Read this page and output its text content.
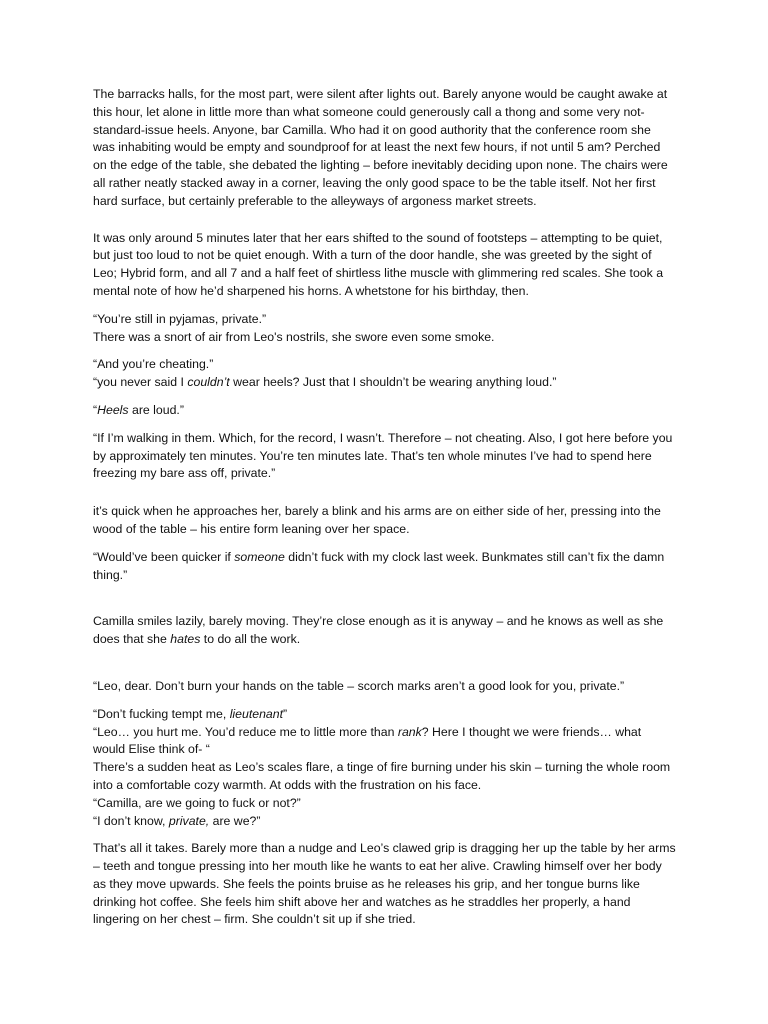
The barracks halls, for the most part, were silent after lights out. Barely anyone would be caught awake at this hour, let alone in little more than what someone could generously call a thong and some very not-standard-issue heels. Anyone, bar Camilla. Who had it on good authority that the conference room she was inhabiting would be empty and soundproof for at least the next few hours, if not until 5 am? Perched on the edge of the table, she debated the lighting – before inevitably deciding upon none. The chairs were all rather neatly stacked away in a corner, leaving the only good space to be the table itself. Not her first hard surface, but certainly preferable to the alleyways of argoness market streets.

It was only around 5 minutes later that her ears shifted to the sound of footsteps – attempting to be quiet, but just too loud to not be quiet enough. With a turn of the door handle, she was greeted by the sight of Leo; Hybrid form, and all 7 and a half feet of shirtless lithe muscle with glimmering red scales. She took a mental note of how he’d sharpened his horns. A whetstone for his birthday, then.

“You’re still in pyjamas, private.”
There was a snort of air from Leo's nostrils, she swore even some smoke.

“And you’re cheating.”
“you never said I couldn’t wear heels? Just that I shouldn’t be wearing anything loud.”

“Heels are loud.”

“If I’m walking in them. Which, for the record, I wasn’t. Therefore – not cheating. Also, I got here before you by approximately ten minutes. You’re ten minutes late. That’s ten whole minutes I’ve had to spend here freezing my bare ass off, private.”

it’s quick when he approaches her, barely a blink and his arms are on either side of her, pressing into the wood of the table – his entire form leaning over her space.

“Would’ve been quicker if someone didn’t fuck with my clock last week. Bunkmates still can’t fix the damn thing.”

Camilla smiles lazily, barely moving. They’re close enough as it is anyway – and he knows as well as she does that she hates to do all the work.

“Leo, dear. Don’t burn your hands on the table – scorch marks aren’t a good look for you, private.”

“Don’t fucking tempt me, lieutenant”
“Leo… you hurt me. You’d reduce me to little more than rank? Here I thought we were friends… what would Elise think of- “
There’s a sudden heat as Leo’s scales flare, a tinge of fire burning under his skin – turning the whole room into a comfortable cozy warmth. At odds with the frustration on his face.
“Camilla, are we going to fuck or not?”
“I don’t know, private, are we?”

That’s all it takes. Barely more than a nudge and Leo’s clawed grip is dragging her up the table by her arms – teeth and tongue pressing into her mouth like he wants to eat her alive. Crawling himself over her body as they move upwards. She feels the points bruise as he releases his grip, and her tongue burns like drinking hot coffee. She feels him shift above her and watches as he straddles her properly, a hand lingering on her chest – firm. She couldn’t sit up if she tried.
